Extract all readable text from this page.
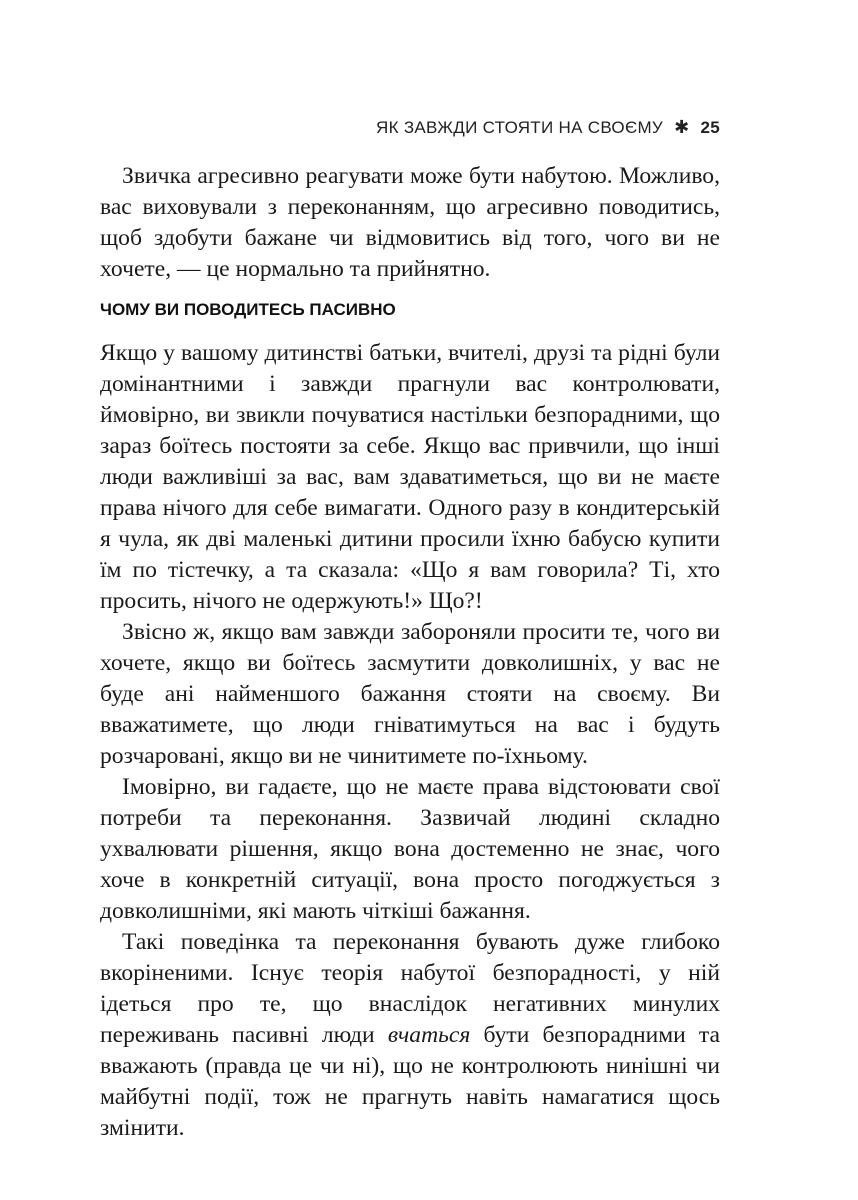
ЯК ЗАВЖДИ СТОЯТИ НА СВОЄМУ ✱ 25

Звичка агресивно реагувати може бути набутою. Можливо, вас виховували з переконанням, що агресивно поводитись, щоб здобути бажане чи відмовитись від того, чого ви не хочете, — це нормально та прийнятно.

ЧОМУ ВИ ПОВОДИТЕСЬ ПАСИВНО

Якщо у вашому дитинстві батьки, вчителі, друзі та рідні були домінантними і завжди прагнули вас контролювати, ймовірно, ви звикли почуватися настільки безпорадними, що зараз боїтесь постояти за себе. Якщо вас привчили, що інші люди важливіші за вас, вам здаватиметься, що ви не маєте права нічого для себе вимагати. Одного разу в кондитерській я чула, як дві маленькі дитини просили їхню бабусю купити їм по тістечку, а та сказала: «Що я вам говорила? Ті, хто просить, нічого не одержують!» Що?!

Звісно ж, якщо вам завжди забороняли просити те, чого ви хочете, якщо ви боїтесь засмутити довколишніх, у вас не буде ані найменшого бажання стояти на своєму. Ви вважатимете, що люди гніватимуться на вас і будуть розчаровані, якщо ви не чинитимете по-їхньому.

Імовірно, ви гадаєте, що не маєте права відстоювати свої потреби та переконання. Зазвичай людині складно ухвалювати рішення, якщо вона достеменно не знає, чого хоче в конкретній ситуації, вона просто погоджується з довколишніми, які мають чіткіші бажання.

Такі поведінка та переконання бувають дуже глибоко вкоріненими. Існує теорія набутої безпорадності, у ній ідеться про те, що внаслідок негативних минулих переживань пасивні люди вчаться бути безпорадними та вважають (правда це чи ні), що не контролюють нинішні чи майбутні події, тож не прагнуть навіть намагатися щось змінити.
